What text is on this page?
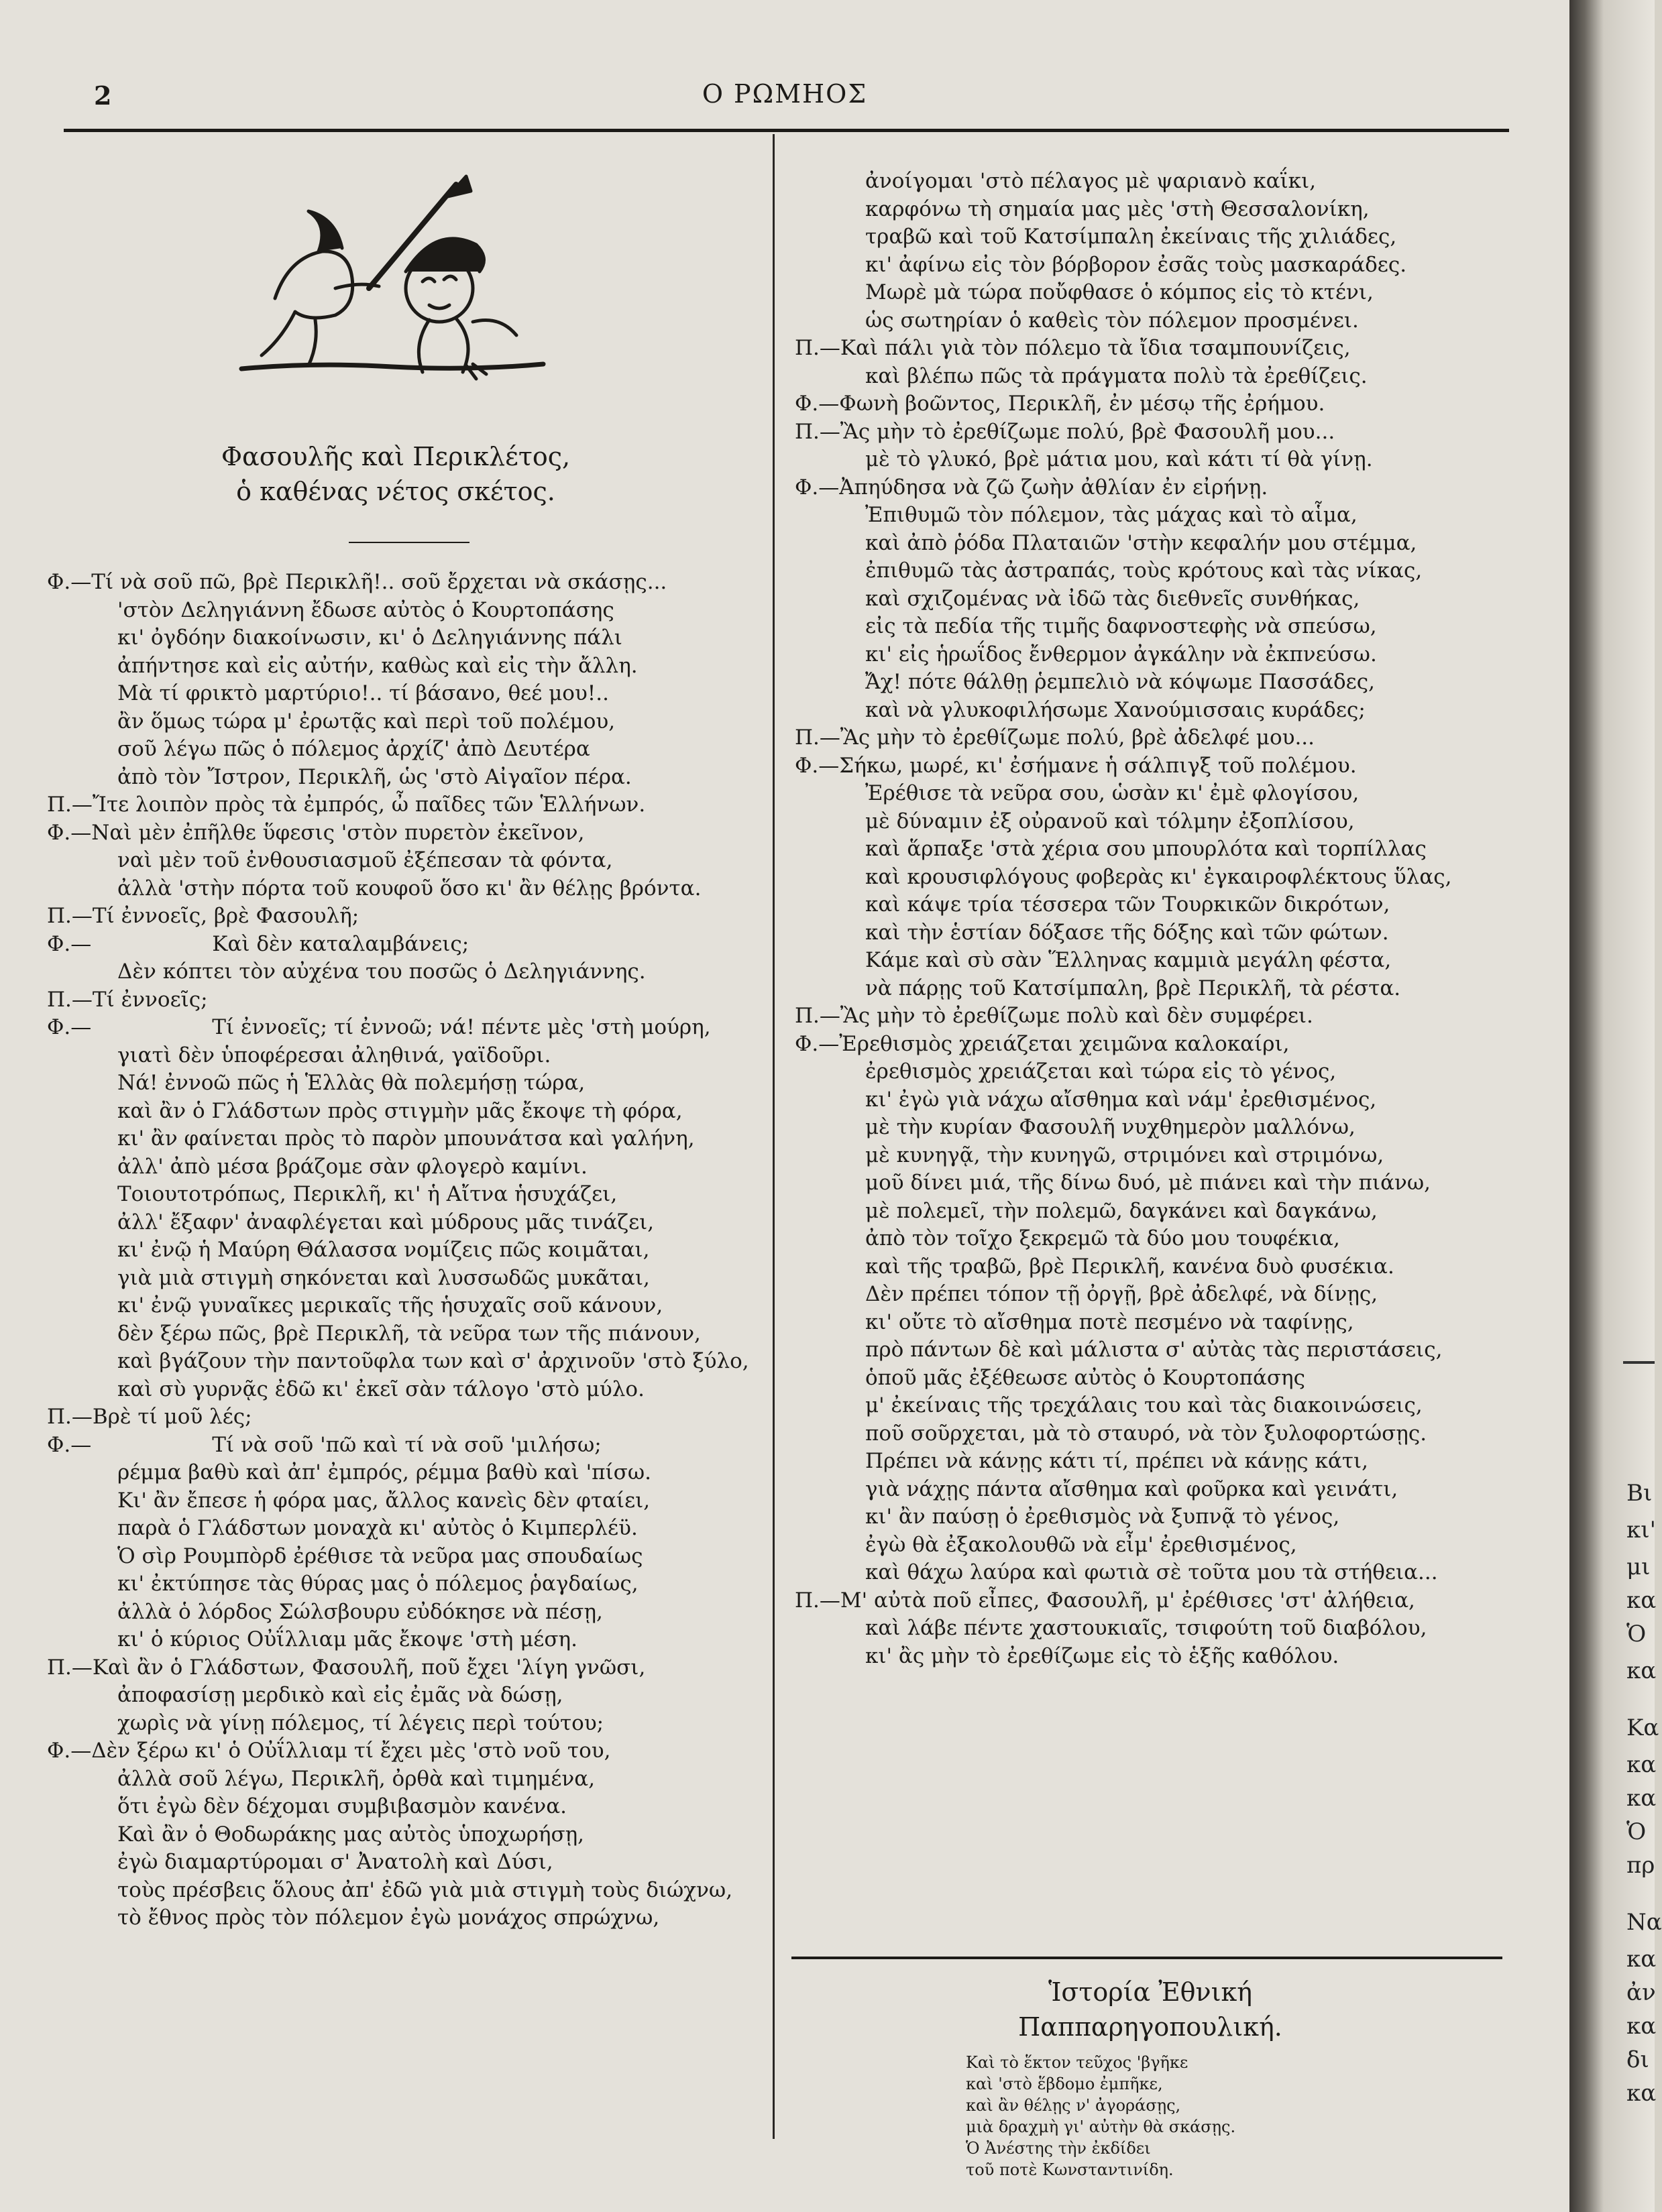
Βι
κι'
μι
κα
Ὁ
κα
Κα
κα
κα
Ὁ
πρ
Να
κα
ἀν
κα
δι
κα
2	Ο ΡΩΜΗΟΣ
Φασουλῆς καὶ Περικλέτος,
ὁ καθένας νέτος σκέτος.
Φ.—Τί νὰ σοῦ πῶ, βρὲ Περικλῆ!.. σοῦ ἔρχεται νὰ σκάσῃς...
'στὸν Δεληγιάννη ἔδωσε αὐτὸς ὁ Κουρτοπάσης
κι' ὀγδόην διακοίνωσιν, κι' ὁ Δεληγιάννης πάλι
ἀπήντησε καὶ εἰς αὐτήν, καθὼς καὶ εἰς τὴν ἄλλη.
Μὰ τί φρικτὸ μαρτύριο!.. τί βάσανο, θεέ μου!..
ἂν ὅμως τώρα μ' ἐρωτᾷς καὶ περὶ τοῦ πολέμου,
σοῦ λέγω πῶς ὁ πόλεμος ἀρχίζ' ἀπὸ Δευτέρα
ἀπὸ τὸν Ἴστρον, Περικλῆ, ὡς 'στὸ Αἰγαῖον πέρα.
Π.—Ἴτε λοιπὸν πρὸς τὰ ἐμπρός, ὦ παῖδες τῶν Ἑλλήνων.
Φ.—Ναὶ μὲν ἐπῆλθε ὕφεσις 'στὸν πυρετὸν ἐκεῖνον,
ναὶ μὲν τοῦ ἐνθουσιασμοῦ ἐξέπεσαν τὰ φόντα,
ἀλλὰ 'στὴν πόρτα τοῦ κουφοῦ ὅσο κι' ἂν θέλῃς βρόντα.
Π.—Τί ἐννοεῖς, βρὲ Φασουλῆ;
Φ.—	Καὶ δὲν καταλαμβάνεις;
Δὲν κόπτει τὸν αὐχένα του ποσῶς ὁ Δεληγιάννης.
Π.—Τί ἐννοεῖς;
Φ.—	Τί ἐννοεῖς; τί ἐννοῶ; νά! πέντε μὲς 'στὴ μούρη,
γιατὶ δὲν ὑποφέρεσαι ἀληθινά, γαϊδοῦρι.
Νά! ἐννοῶ πῶς ἡ Ἑλλὰς θὰ πολεμήσῃ τώρα,
καὶ ἂν ὁ Γλάδστων πρὸς στιγμὴν μᾶς ἔκοψε τὴ φόρα,
κι' ἂν φαίνεται πρὸς τὸ παρὸν μπουνάτσα καὶ γαλήνη,
ἀλλ' ἀπὸ μέσα βράζομε σὰν φλογερὸ καμίνι.
Τοιουτοτρόπως, Περικλῆ, κι' ἡ Αἴτνα ἡσυχάζει,
ἀλλ' ἔξαφν' ἀναφλέγεται καὶ μύδρους μᾶς τινάζει,
κι' ἐνῷ ἡ Μαύρη Θάλασσα νομίζεις πῶς κοιμᾶται,
γιὰ μιὰ στιγμὴ σηκόνεται καὶ λυσσωδῶς μυκᾶται,
κι' ἐνῷ γυναῖκες μερικαῖς τῆς ἡσυχαῖς σοῦ κάνουν,
δὲν ξέρω πῶς, βρὲ Περικλῆ, τὰ νεῦρα των τῆς πιάνουν,
καὶ βγάζουν τὴν παντοῦφλα των καὶ σ' ἀρχινοῦν 'στὸ ξύλο,
καὶ σὺ γυρνᾷς ἐδῶ κι' ἐκεῖ σὰν τάλογο 'στὸ μύλο.
Π.—Βρὲ τί μοῦ λές;
Φ.—	Τί νὰ σοῦ 'πῶ καὶ τί νὰ σοῦ 'μιλήσω;
ρέμμα βαθὺ καὶ ἀπ' ἐμπρός, ρέμμα βαθὺ καὶ 'πίσω.
Κι' ἂν ἔπεσε ἡ φόρα μας, ἄλλος κανεὶς δὲν φταίει,
παρὰ ὁ Γλάδστων μοναχὰ κι' αὐτὸς ὁ Κιμπερλέϋ.
Ὁ σὶρ Ρουμπὸρδ ἐρέθισε τὰ νεῦρα μας σπουδαίως
κι' ἐκτύπησε τὰς θύρας μας ὁ πόλεμος ῥαγδαίως,
ἀλλὰ ὁ λόρδος Σώλσβουρυ εὐδόκησε νὰ πέσῃ,
κι' ὁ κύριος Οὐΐλλιαμ μᾶς ἔκοψε 'στὴ μέση.
Π.—Καὶ ἂν ὁ Γλάδστων, Φασουλῆ, ποῦ ἔχει 'λίγη γνῶσι,
ἀποφασίσῃ μερδικὸ καὶ εἰς ἐμᾶς νὰ δώσῃ,
χωρὶς νὰ γίνῃ πόλεμος, τί λέγεις περὶ τούτου;
Φ.—Δὲν ξέρω κι' ὁ Οὐΐλλιαμ τί ἔχει μὲς 'στὸ νοῦ του,
ἀλλὰ σοῦ λέγω, Περικλῆ, ὀρθὰ καὶ τιμημένα,
ὅτι ἐγὼ δὲν δέχομαι συμβιβασμὸν κανένα.
Καὶ ἂν ὁ Θοδωράκης μας αὐτὸς ὑποχωρήσῃ,
ἐγὼ διαμαρτύρομαι σ' Ἀνατολὴ καὶ Δύσι,
τοὺς πρέσβεις ὅλους ἀπ' ἐδῶ γιὰ μιὰ στιγμὴ τοὺς διώχνω,
τὸ ἔθνος πρὸς τὸν πόλεμον ἐγὼ μονάχος σπρώχνω,
ἀνοίγομαι 'στὸ πέλαγος μὲ ψαριανὸ καΐκι,
καρφόνω τὴ σημαία μας μὲς 'στὴ Θεσσαλονίκη,
τραβῶ καὶ τοῦ Κατσίμπαλη ἐκείναις τῆς χιλιάδες,
κι' ἀφίνω εἰς τὸν βόρβορον ἐσᾶς τοὺς μασκαράδες.
Μωρὲ μὰ τώρα ποὔφθασε ὁ κόμπος εἰς τὸ κτένι,
ὡς σωτηρίαν ὁ καθεὶς τὸν πόλεμον προσμένει.
Π.—Καὶ πάλι γιὰ τὸν πόλεμο τὰ ἴδια τσαμπουνίζεις,
καὶ βλέπω πῶς τὰ πράγματα πολὺ τὰ ἐρεθίζεις.
Φ.—Φωνὴ βοῶντος, Περικλῆ, ἐν μέσῳ τῆς ἐρήμου.
Π.—Ἂς μὴν τὸ ἐρεθίζωμε πολύ, βρὲ Φασουλῆ μου...
μὲ τὸ γλυκό, βρὲ μάτια μου, καὶ κάτι τί θὰ γίνῃ.
Φ.—Ἀπηύδησα νὰ ζῶ ζωὴν ἀθλίαν ἐν εἰρήνῃ.
Ἐπιθυμῶ τὸν πόλεμον, τὰς μάχας καὶ τὸ αἷμα,
καὶ ἀπὸ ῥόδα Πλαταιῶν 'στὴν κεφαλήν μου στέμμα,
ἐπιθυμῶ τὰς ἀστραπάς, τοὺς κρότους καὶ τὰς νίκας,
καὶ σχιζομένας νὰ ἰδῶ τὰς διεθνεῖς συνθήκας,
εἰς τὰ πεδία τῆς τιμῆς δαφνοστεφὴς νὰ σπεύσω,
κι' εἰς ἡρωΐδος ἔνθερμον ἀγκάλην νὰ ἐκπνεύσω.
Ἄχ! πότε θάλθῃ ῥεμπελιὸ νὰ κόψωμε Πασσάδες,
καὶ νὰ γλυκοφιλήσωμε Χανούμισσαις κυράδες;
Π.—Ἂς μὴν τὸ ἐρεθίζωμε πολύ, βρὲ ἀδελφέ μου...
Φ.—Σήκω, μωρέ, κι' ἐσήμανε ἡ σάλπιγξ τοῦ πολέμου.
Ἐρέθισε τὰ νεῦρα σου, ὡσὰν κι' ἐμὲ φλογίσου,
μὲ δύναμιν ἐξ οὐρανοῦ καὶ τόλμην ἐξοπλίσου,
καὶ ἅρπαξε 'στὰ χέρια σου μπουρλότα καὶ τορπίλλας
καὶ κρουσιφλόγους φοβερὰς κι' ἐγκαιροφλέκτους ὕλας,
καὶ κάψε τρία τέσσερα τῶν Τουρκικῶν δικρότων,
καὶ τὴν ἑστίαν δόξασε τῆς δόξης καὶ τῶν φώτων.
Κάμε καὶ σὺ σὰν Ἕλληνας καμμιὰ μεγάλη φέστα,
νὰ πάρῃς τοῦ Κατσίμπαλη, βρὲ Περικλῆ, τὰ ρέστα.
Π.—Ἂς μὴν τὸ ἐρεθίζωμε πολὺ καὶ δὲν συμφέρει.
Φ.—Ἐρεθισμὸς χρειάζεται χειμῶνα καλοκαίρι,
ἐρεθισμὸς χρειάζεται καὶ τώρα εἰς τὸ γένος,
κι' ἐγὼ γιὰ νάχω αἴσθημα καὶ νάμ' ἐρεθισμένος,
μὲ τὴν κυρίαν Φασουλῆ νυχθημερὸν μαλλόνω,
μὲ κυνηγᾷ, τὴν κυνηγῶ, στριμόνει καὶ στριμόνω,
μοῦ δίνει μιά, τῆς δίνω δυό, μὲ πιάνει καὶ τὴν πιάνω,
μὲ πολεμεῖ, τὴν πολεμῶ, δαγκάνει καὶ δαγκάνω,
ἀπὸ τὸν τοῖχο ξεκρεμῶ τὰ δύο μου τουφέκια,
καὶ τῆς τραβῶ, βρὲ Περικλῆ, κανένα δυὸ φυσέκια.
Δὲν πρέπει τόπον τῇ ὀργῇ, βρὲ ἀδελφέ, νὰ δίνῃς,
κι' οὔτε τὸ αἴσθημα ποτὲ πεσμένο νὰ ταφίνῃς,
πρὸ πάντων δὲ καὶ μάλιστα σ' αὐτὰς τὰς περιστάσεις,
ὁποῦ μᾶς ἐξέθεωσε αὐτὸς ὁ Κουρτοπάσης
μ' ἐκείναις τῆς τρεχάλαις του καὶ τὰς διακοινώσεις,
ποῦ σοῦρχεται, μὰ τὸ σταυρό, νὰ τὸν ξυλοφορτώσῃς.
Πρέπει νὰ κάνῃς κάτι τί, πρέπει νὰ κάνῃς κάτι,
γιὰ νάχῃς πάντα αἴσθημα καὶ φοῦρκα καὶ γεινάτι,
κι' ἂν παύσῃ ὁ ἐρεθισμὸς νὰ ξυπνᾷ τὸ γένος,
ἐγὼ θὰ ἐξακολουθῶ νὰ εἶμ' ἐρεθισμένος,
καὶ θάχω λαύρα καὶ φωτιὰ σὲ τοῦτα μου τὰ στήθεια...
Π.—Μ' αὐτὰ ποῦ εἶπες, Φασουλῆ, μ' ἐρέθισες 'στ' ἀλήθεια,
καὶ λάβε πέντε χαστουκιαῖς, τσιφούτη τοῦ διαβόλου,
κι' ἂς μὴν τὸ ἐρεθίζωμε εἰς τὸ ἑξῆς καθόλου.
Ἱστορία Ἐθνική
Παππαρηγοπουλική.
Καὶ τὸ ἕκτον τεῦχος 'βγῆκε
καὶ 'στὸ ἕβδομο ἐμπῆκε,
καὶ ἂν θέλῃς ν' ἀγοράσῃς,
μιὰ δραχμὴ γι' αὐτὴν θὰ σκάσῃς.
Ὁ Ἀνέστης τὴν ἐκδίδει
τοῦ ποτὲ Κωνσταντινίδη.
